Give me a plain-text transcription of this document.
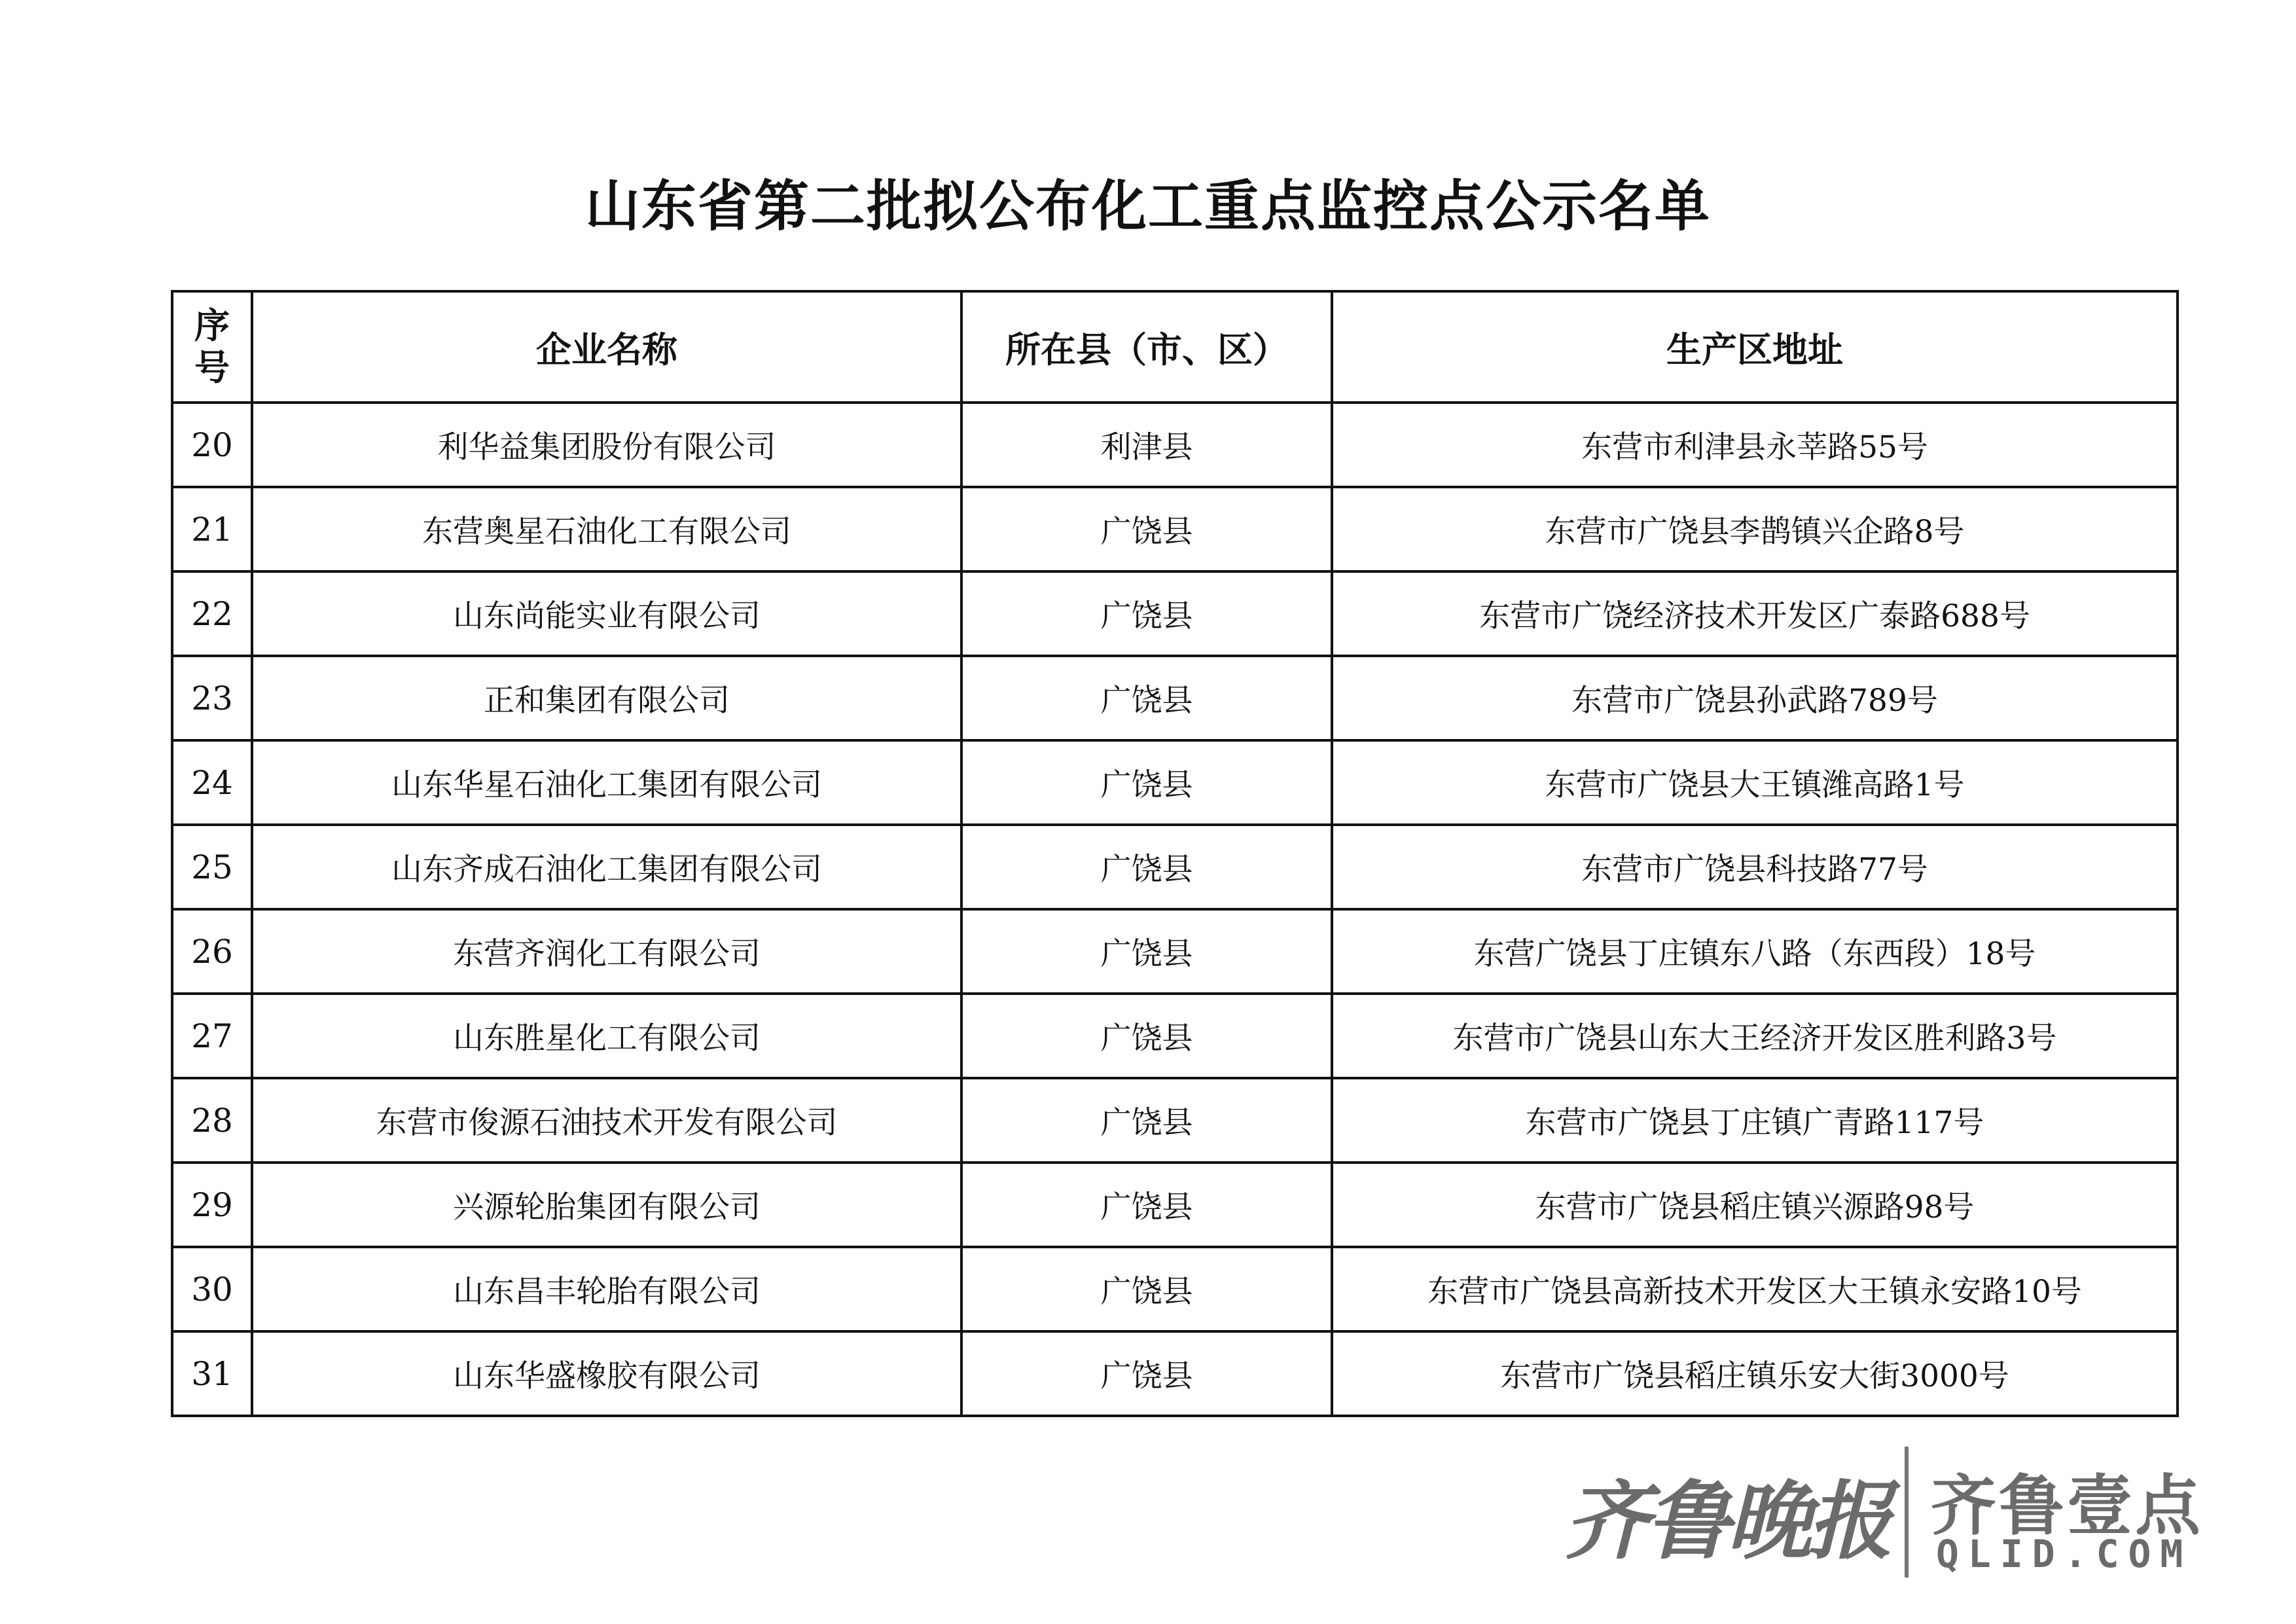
山东省第二批拟公布化工重点监控点公示名单
序
号	企业名称	所在县（市、区）	生产区地址
20	利华益集团股份有限公司	利津县	东营市利津县永莘路55号
21	东营奥星石油化工有限公司	广饶县	东营市广饶县李鹊镇兴企路8号
22	山东尚能实业有限公司	广饶县	东营市广饶经济技术开发区广泰路688号
23	正和集团有限公司	广饶县	东营市广饶县孙武路789号
24	山东华星石油化工集团有限公司	广饶县	东营市广饶县大王镇潍高路1号
25	山东齐成石油化工集团有限公司	广饶县	东营市广饶县科技路77号
26	东营齐润化工有限公司	广饶县	东营广饶县丁庄镇东八路（东西段）18号
27	山东胜星化工有限公司	广饶县	东营市广饶县山东大王经济开发区胜利路3号
28	东营市俊源石油技术开发有限公司	广饶县	东营市广饶县丁庄镇广青路117号
29	兴源轮胎集团有限公司	广饶县	东营市广饶县稻庄镇兴源路98号
30	山东昌丰轮胎有限公司	广饶县	东营市广饶县高新技术开发区大王镇永安路10号
31	山东华盛橡胶有限公司	广饶县	东营市广饶县稻庄镇乐安大街3000号
齐鲁晚报 齐鲁壹点
QLID.COM
